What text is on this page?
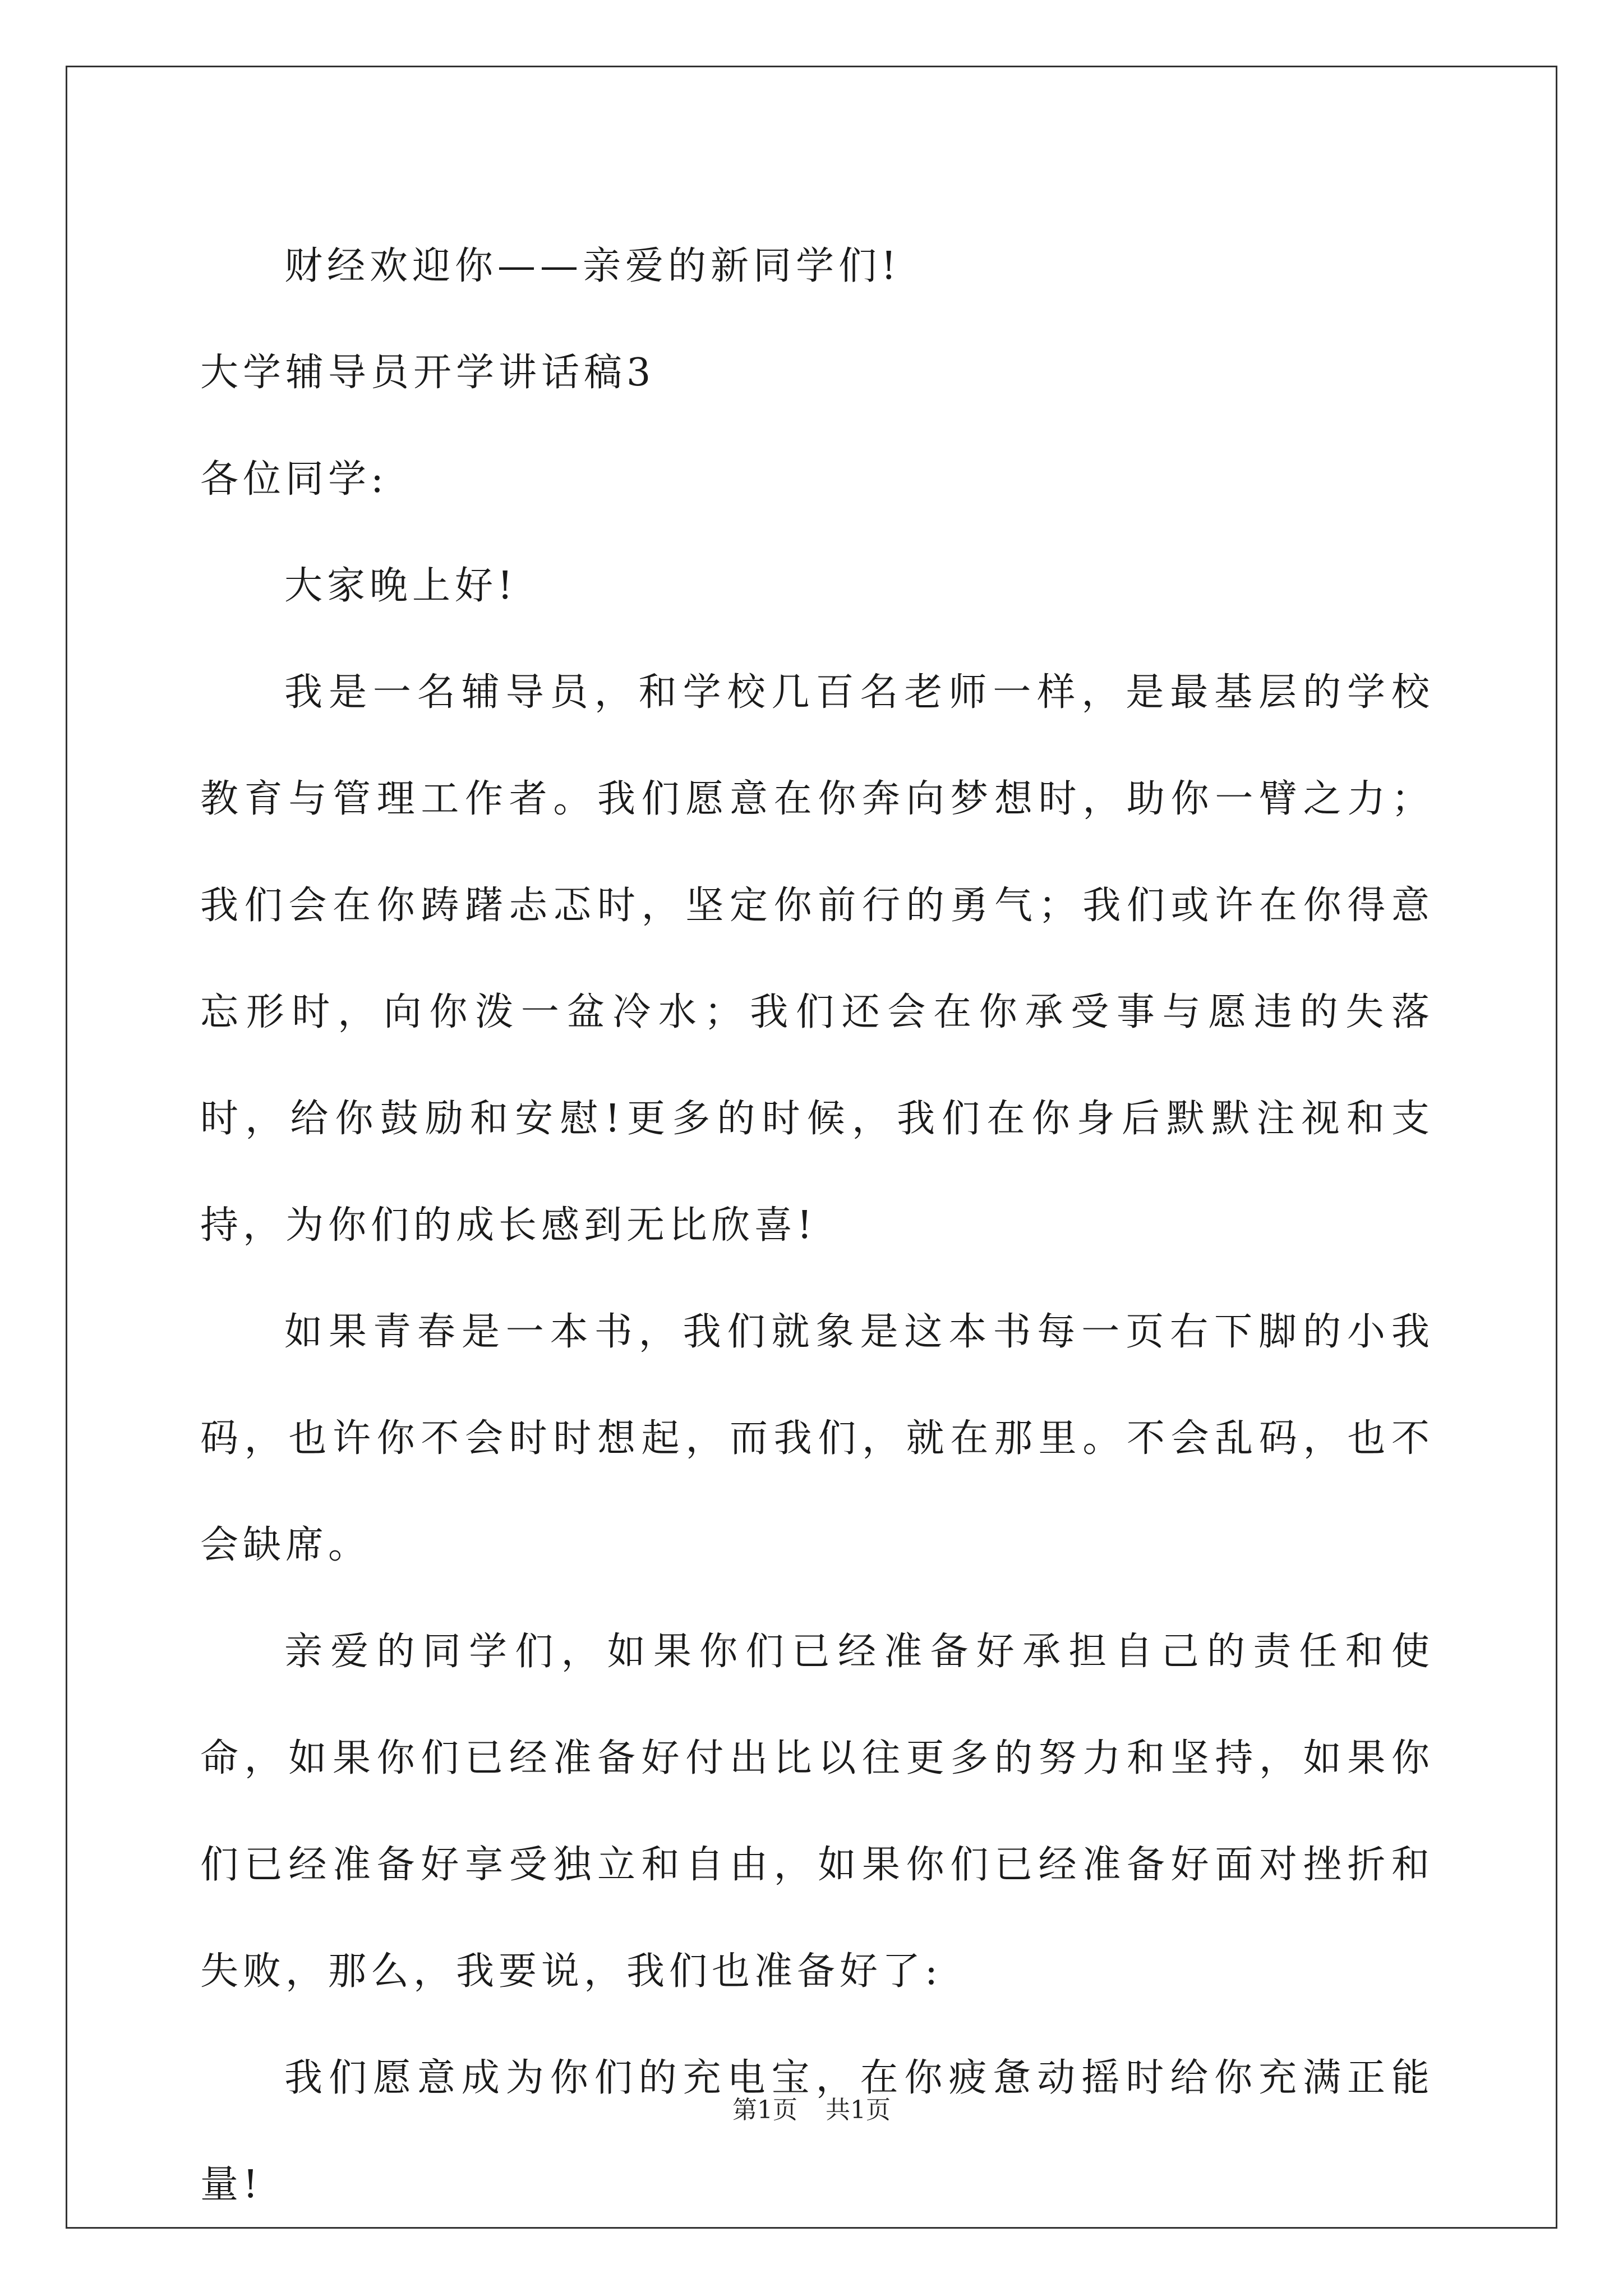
财经欢迎你——亲爱的新同学们!

大学辅导员开学讲话稿3

各位同学:

大家晚上好!

我是一名辅导员，和学校几百名老师一样，是最基层的学校教育与管理工作者。我们愿意在你奔向梦想时，助你一臂之力；我们会在你踌躇忐忑时，坚定你前行的勇气；我们或许在你得意忘形时，向你泼一盆冷水；我们还会在你承受事与愿违的失落时，给你鼓励和安慰!更多的时候，我们在你身后默默注视和支持，为你们的成长感到无比欣喜!

如果青春是一本书，我们就象是这本书每一页右下脚的小我码，也许你不会时时想起，而我们，就在那里。不会乱码，也不会缺席。

亲爱的同学们，如果你们已经准备好承担自己的责任和使命，如果你们已经准备好付出比以往更多的努力和坚持，如果你们已经准备好享受独立和自由，如果你们已经准备好面对挫折和失败，那么，我要说，我们也准备好了:

我们愿意成为你们的充电宝，在你疲惫动摇时给你充满正能量!

第1页 共1页
